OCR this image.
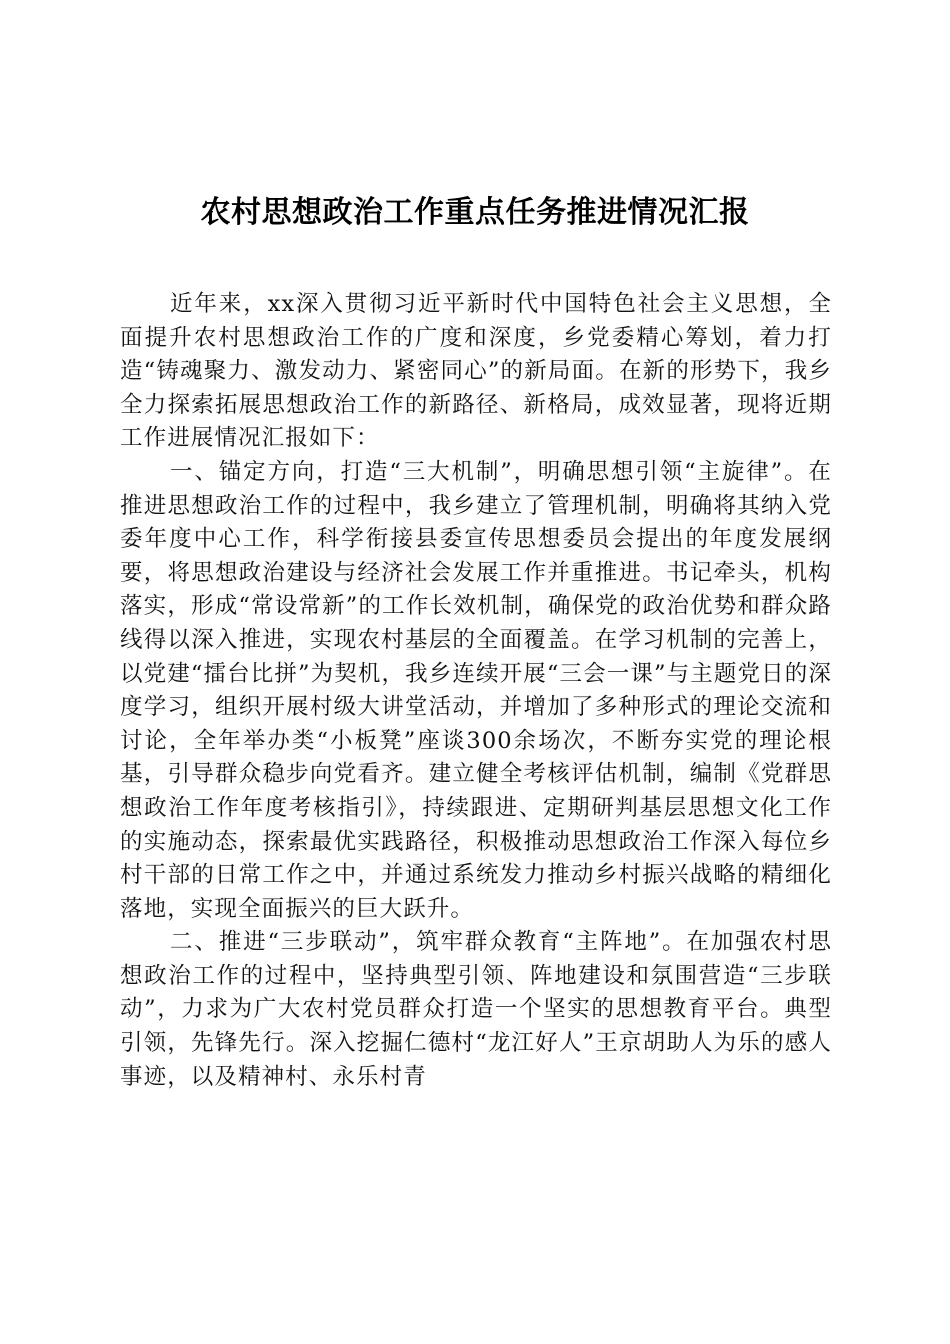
农村思想政治工作重点任务推进情况汇报

近年来，xx深入贯彻习近平新时代中国特色社会主义思想，全面提升农村思想政治工作的广度和深度，乡党委精心筹划，着力打造“铸魂聚力、激发动力、紧密同心”的新局面。在新的形势下，我乡全力探索拓展思想政治工作的新路径、新格局，成效显著，现将近期工作进展情况汇报如下：

一、锚定方向，打造“三大机制”，明确思想引领“主旋律”。在推进思想政治工作的过程中，我乡建立了管理机制，明确将其纳入党委年度中心工作，科学衔接县委宣传思想委员会提出的年度发展纲要，将思想政治建设与经济社会发展工作并重推进。书记牵头，机构落实，形成“常设常新”的工作长效机制，确保党的政治优势和群众路线得以深入推进，实现农村基层的全面覆盖。在学习机制的完善上，以党建“擂台比拼”为契机，我乡连续开展“三会一课”与主题党日的深度学习，组织开展村级大讲堂活动，并增加了多种形式的理论交流和讨论，全年举办类“小板凳”座谈300余场次，不断夯实党的理论根基，引导群众稳步向党看齐。建立健全考核评估机制，编制《党群思想政治工作年度考核指引》，持续跟进、定期研判基层思想文化工作的实施动态，探索最优实践路径，积极推动思想政治工作深入每位乡村干部的日常工作之中，并通过系统发力推动乡村振兴战略的精细化落地，实现全面振兴的巨大跃升。

二、推进“三步联动”，筑牢群众教育“主阵地”。在加强农村思想政治工作的过程中，坚持典型引领、阵地建设和氛围营造“三步联动”，力求为广大农村党员群众打造一个坚实的思想教育平台。典型引领，先锋先行。深入挖掘仁德村“龙江好人”王京胡助人为乐的感人事迹，以及精神村、永乐村青
